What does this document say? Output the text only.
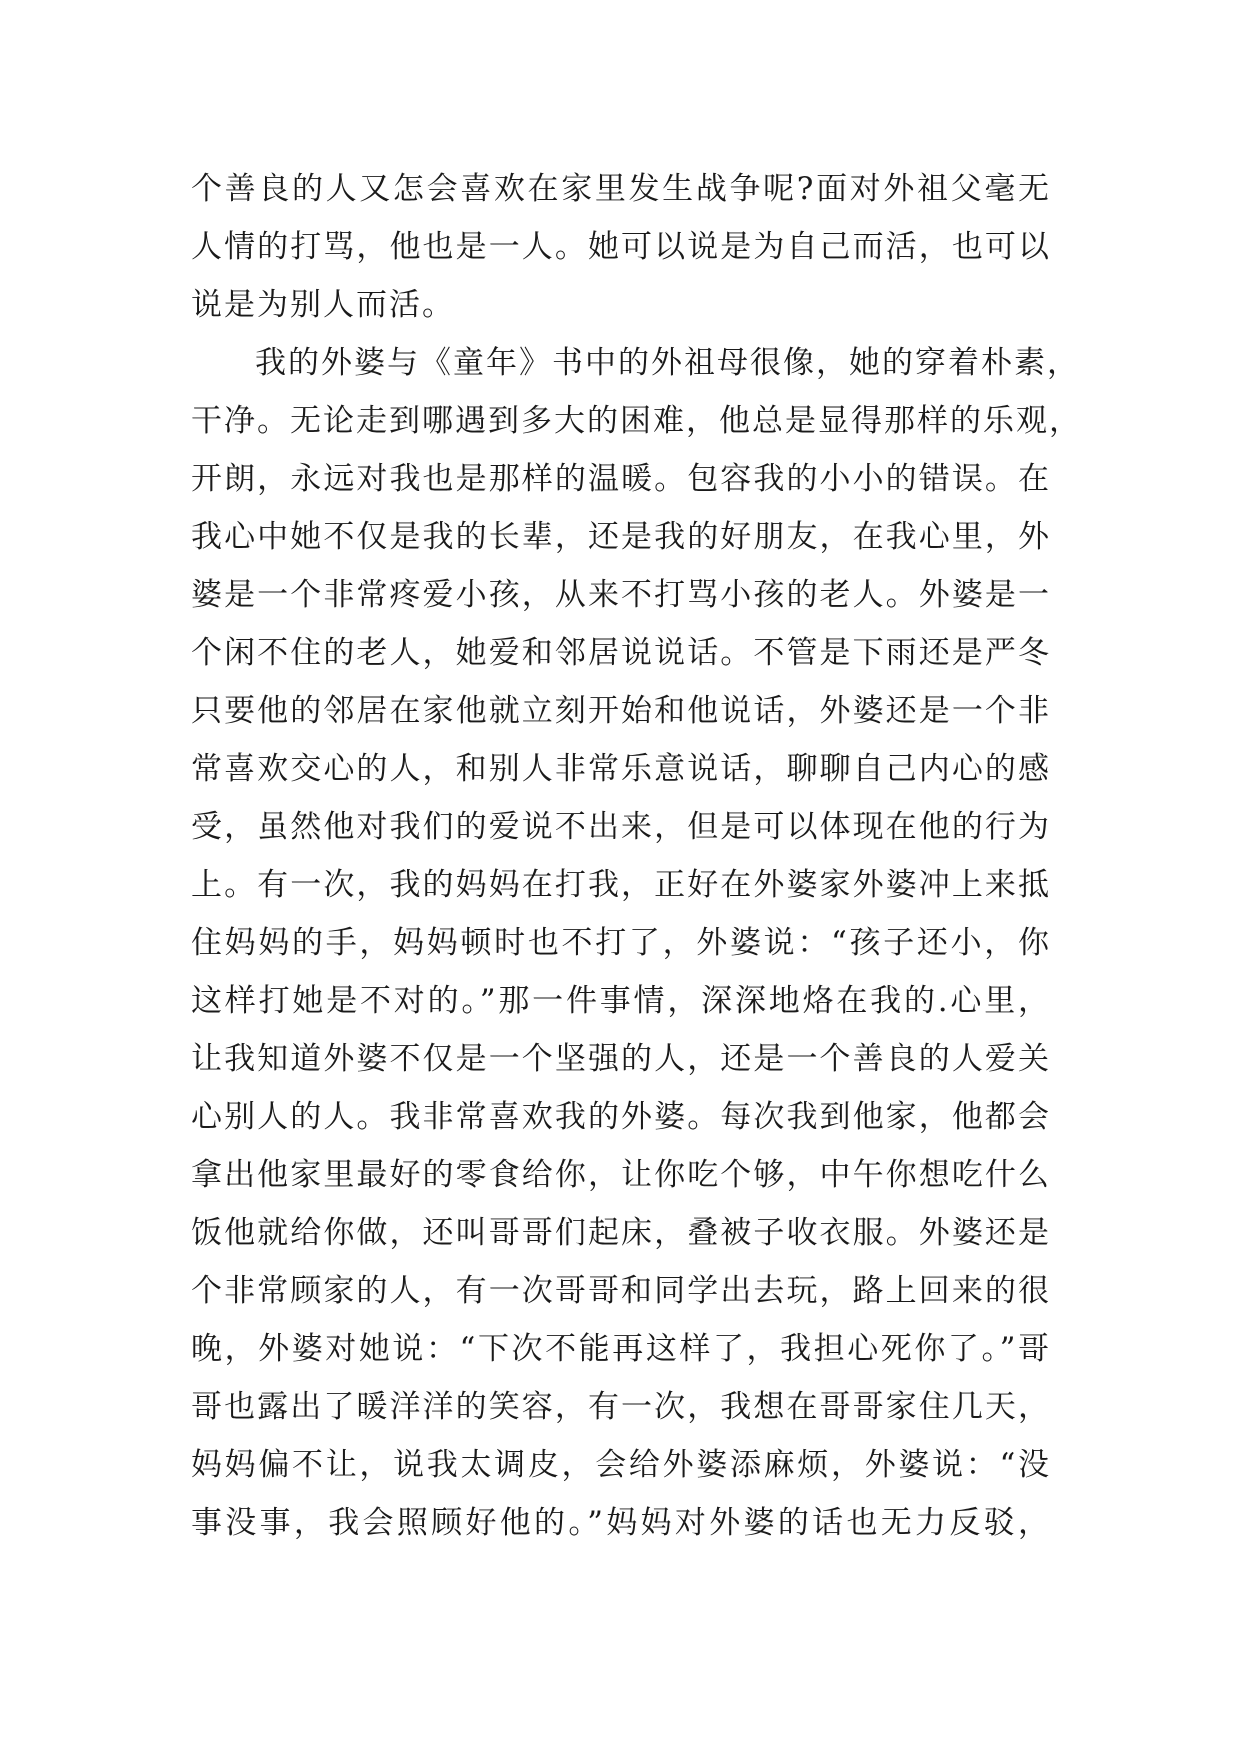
个善良的人又怎会喜欢在家里发生战争呢?面对外祖父毫无
人情的打骂，他也是一人。她可以说是为自己而活，也可以
说是为别人而活。
我的外婆与《童年》书中的外祖母很像，她的穿着朴素，
干净。无论走到哪遇到多大的困难，他总是显得那样的乐观，
开朗，永远对我也是那样的温暖。包容我的小小的错误。在
我心中她不仅是我的长辈，还是我的好朋友，在我心里，外
婆是一个非常疼爱小孩，从来不打骂小孩的老人。外婆是一
个闲不住的老人，她爱和邻居说说话。不管是下雨还是严冬
只要他的邻居在家他就立刻开始和他说话，外婆还是一个非
常喜欢交心的人，和别人非常乐意说话，聊聊自己内心的感
受，虽然他对我们的爱说不出来，但是可以体现在他的行为
上。有一次，我的妈妈在打我，正好在外婆家外婆冲上来抵
住妈妈的手，妈妈顿时也不打了，外婆说：“孩子还小，你
这样打她是不对的。”那一件事情，深深地烙在我的.心里，
让我知道外婆不仅是一个坚强的人，还是一个善良的人爱关
心别人的人。我非常喜欢我的外婆。每次我到他家，他都会
拿出他家里最好的零食给你，让你吃个够，中午你想吃什么
饭他就给你做，还叫哥哥们起床，叠被子收衣服。外婆还是
个非常顾家的人，有一次哥哥和同学出去玩，路上回来的很
晚，外婆对她说：“下次不能再这样了，我担心死你了。”哥
哥也露出了暖洋洋的笑容，有一次，我想在哥哥家住几天，
妈妈偏不让，说我太调皮，会给外婆添麻烦，外婆说：“没
事没事，我会照顾好他的。”妈妈对外婆的话也无力反驳，
